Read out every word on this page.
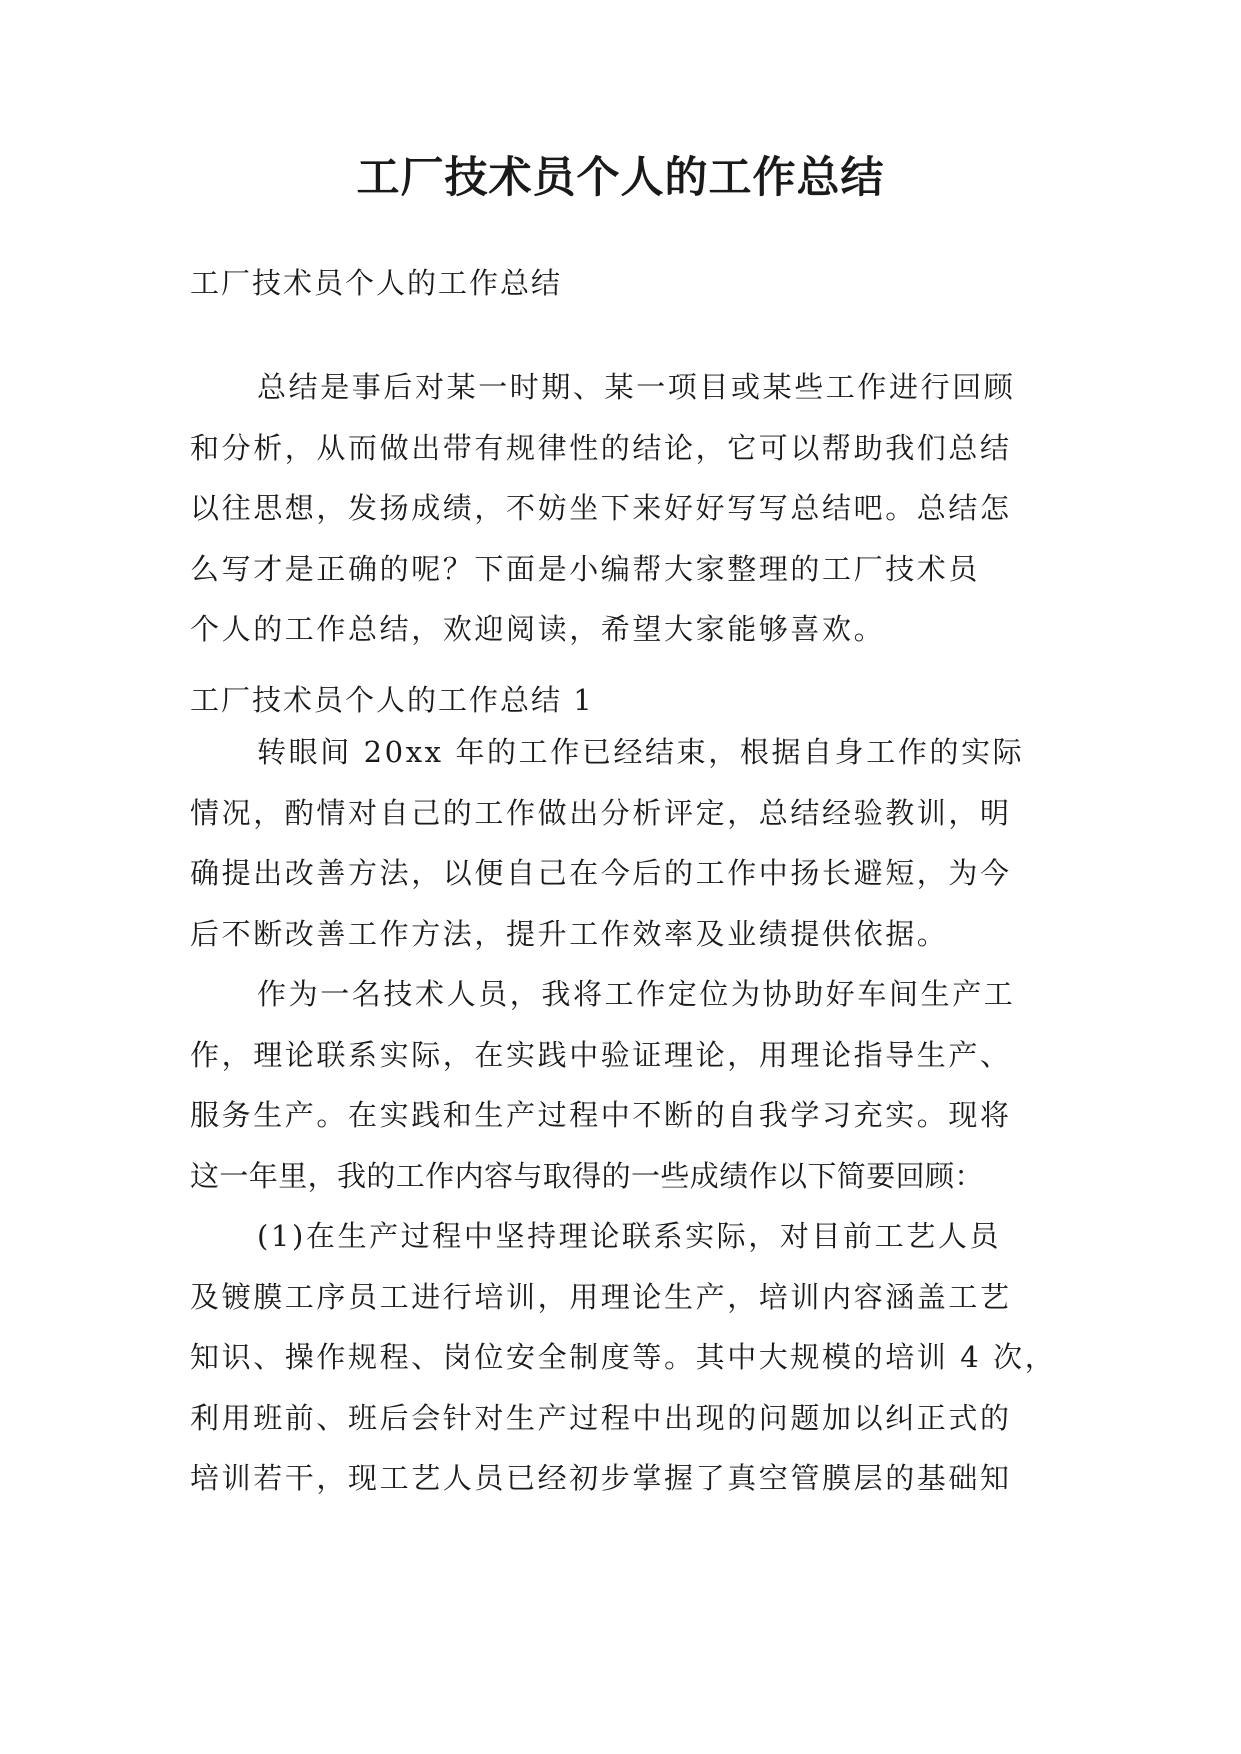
工厂技术员个人的工作总结

工厂技术员个人的工作总结

总结是事后对某一时期、某一项目或某些工作进行回顾
和分析，从而做出带有规律性的结论，它可以帮助我们总结
以往思想，发扬成绩，不妨坐下来好好写写总结吧。总结怎
么写才是正确的呢？下面是小编帮大家整理的工厂技术员
个人的工作总结，欢迎阅读，希望大家能够喜欢。

工厂技术员个人的工作总结 1

转眼间 20xx 年的工作已经结束，根据自身工作的实际
情况，酌情对自己的工作做出分析评定，总结经验教训，明
确提出改善方法，以便自己在今后的工作中扬长避短，为今
后不断改善工作方法，提升工作效率及业绩提供依据。
作为一名技术人员，我将工作定位为协助好车间生产工
作，理论联系实际，在实践中验证理论，用理论指导生产、
服务生产。在实践和生产过程中不断的自我学习充实。现将
这一年里，我的工作内容与取得的一些成绩作以下简要回顾：
(1)在生产过程中坚持理论联系实际，对目前工艺人员
及镀膜工序员工进行培训，用理论生产，培训内容涵盖工艺
知识、操作规程、岗位安全制度等。其中大规模的培训 4 次，
利用班前、班后会针对生产过程中出现的问题加以纠正式的
培训若干，现工艺人员已经初步掌握了真空管膜层的基础知
